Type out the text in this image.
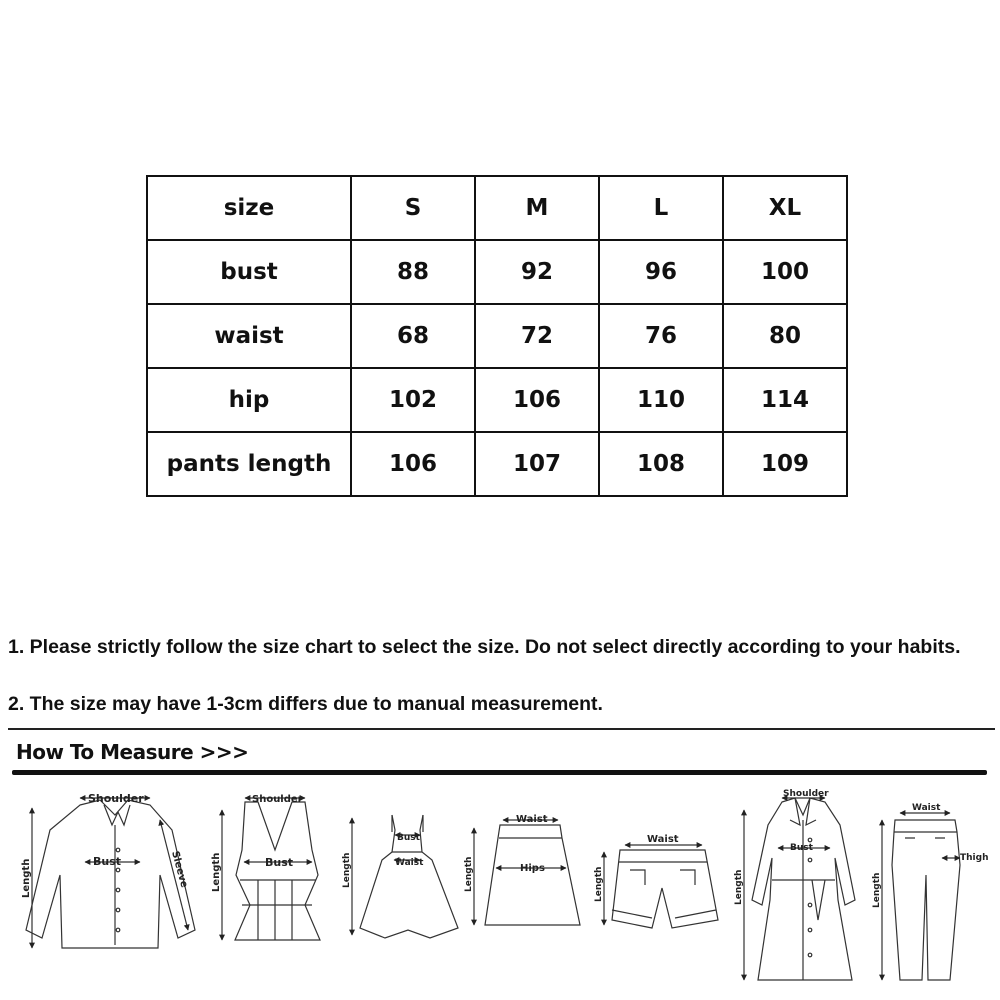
size	S	M	L	XL
bust	88	92	96	100
waist	68	72	76	80
hip	102	106	110	114
pants length	106	107	108	109
1. Please strictly follow the size chart to select the size. Do not select directly according to your habits.
2. The size may have 1-3cm differs due to manual measurement.
How To Measure >>>
Shoulder
Bust
Length	Sleeve
Shoulder
Bust
Length
Bust
Waist
Length
Waist
Hips
Length
Waist
Length
Shoulder
Bust
Length
Waist
Thigh
Length
